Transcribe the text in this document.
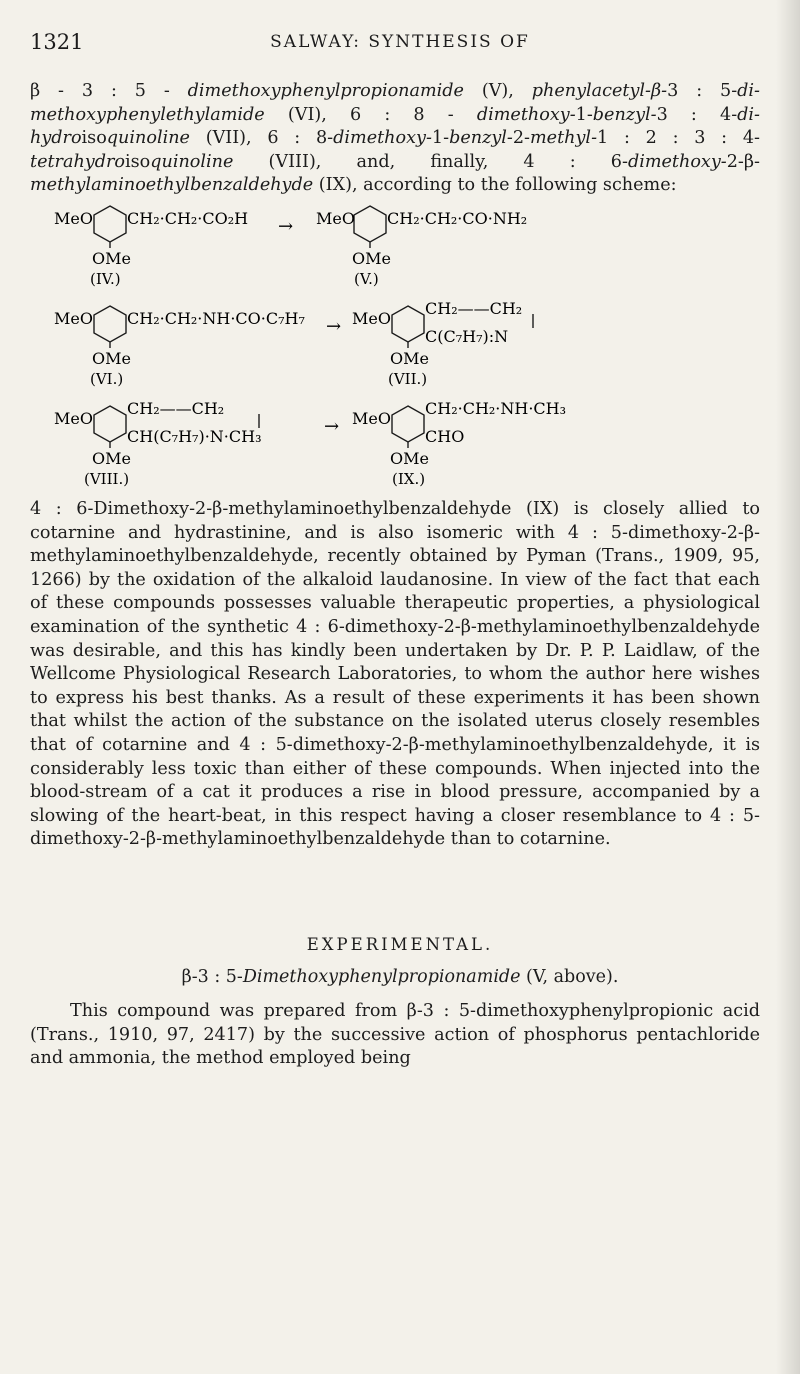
1321	SALWAY: SYNTHESIS OF
β - 3 : 5 - dimethoxyphenylpropionamide (V), phenylacetyl-β-3 : 5-di-methoxyphenylethylamide (VI), 6 : 8 - dimethoxy-1-benzyl-3 : 4-di-hydroisoquinoline (VII), 6 : 8-dimethoxy-1-benzyl-2-methyl-1 : 2 : 3 : 4-tetrahydroisoquinoline (VIII), and, finally, 4 : 6-dimethoxy-2-β-methylaminoethylbenzaldehyde (IX), according to the following scheme:
MeO CH₂·CH₂·CO₂H
OMe
(IV.)
→ MeO CH₂·CH₂·CO·NH₂
OMe
(V.)
MeO CH₂·CH₂·NH·CO·C₇H₇
OMe
(VI.)
→ MeO
CH₂——CH₂
C(C₇H₇):N
OMe
(VII.)
MeO
CH₂——CH₂
CH(C₇H₇)·N·CH₃
OMe
(VIII.)
→ MeO
CH₂·CH₂·NH·CH₃
CHO
OMe
(IX.)

4 : 6-Dimethoxy-2-β-methylaminoethylbenzaldehyde (IX) is closely allied to cotarnine and hydrastinine, and is also isomeric with 4 : 5-dimethoxy-2-β-methylaminoethylbenzaldehyde, recently obtained by Pyman (Trans., 1909, 95, 1266) by the oxidation of the alkaloid laudanosine. In view of the fact that each of these compounds possesses valuable therapeutic properties, a physiological examination of the synthetic 4 : 6-dimethoxy-2-β-methylaminoethylbenzaldehyde was desirable, and this has kindly been undertaken by Dr. P. P. Laidlaw, of the Wellcome Physiological Research Laboratories, to whom the author here wishes to express his best thanks. As a result of these experiments it has been shown that whilst the action of the substance on the isolated uterus closely resembles that of cotarnine and 4 : 5-dimethoxy-2-β-methylaminoethylbenzaldehyde, it is considerably less toxic than either of these compounds. When injected into the blood-stream of a cat it produces a rise in blood pressure, accompanied by a slowing of the heart-beat, in this respect having a closer resemblance to 4 : 5-dimethoxy-2-β-methylaminoethylbenzaldehyde than to cotarnine.

EXPERIMENTAL.
β-3 : 5-Dimethoxyphenylpropionamide (V, above).
This compound was prepared from β-3 : 5-dimethoxyphenylpropionic acid (Trans., 1910, 97, 2417) by the successive action of phosphorus pentachloride and ammonia, the method employed being
